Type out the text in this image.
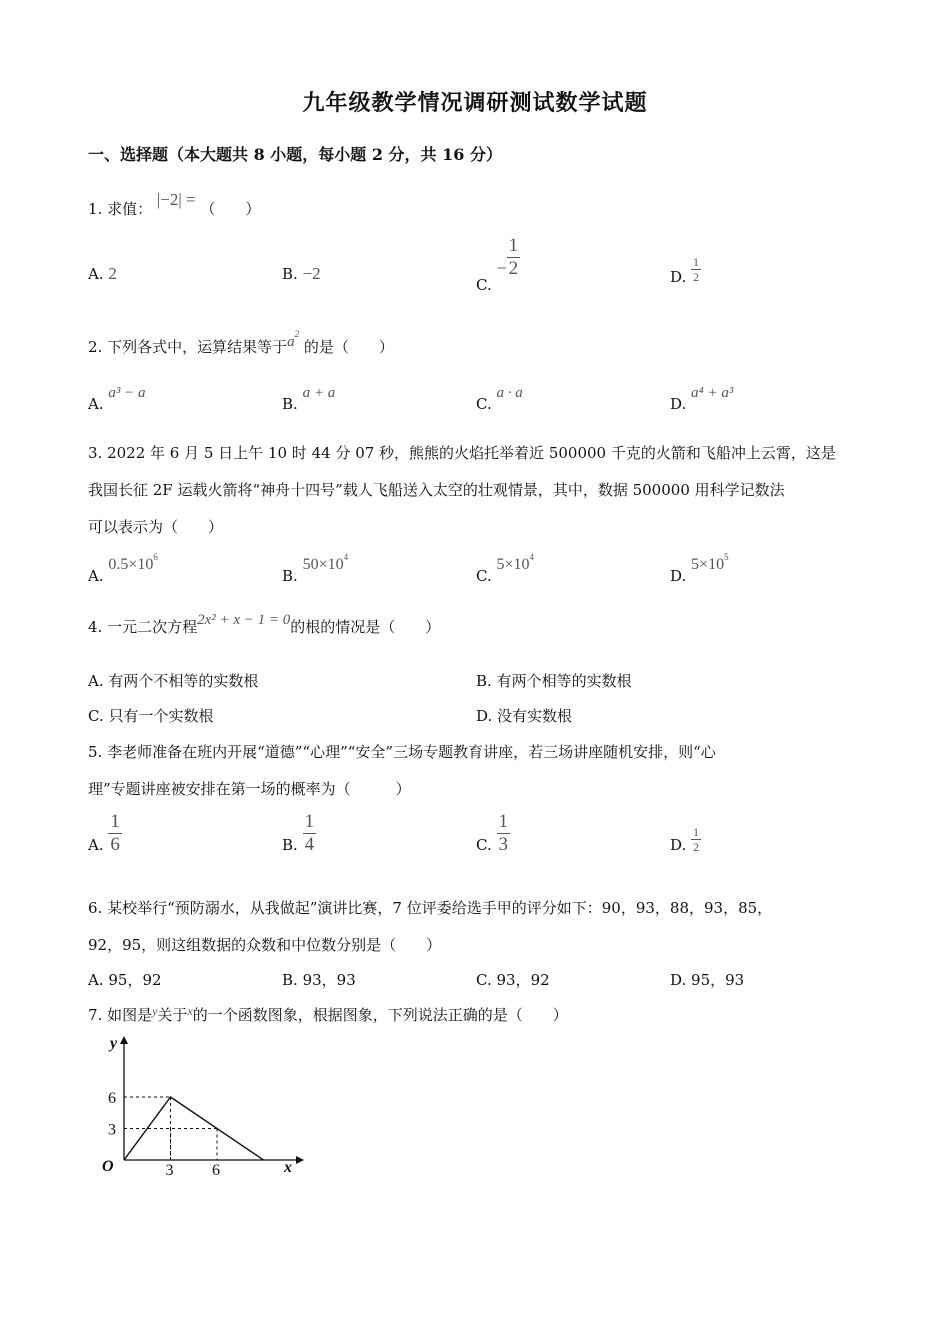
九年级教学情况调研测试数学试题
一、选择题（本大题共 8 小题，每小题 2 分，共 16 分）
1. 求值： |−2| = （　　）
A. 2	B. −2
C. − $\frac{1}{2}$	D. $\frac{1}{2}$
2. 下列各式中，运算结果等于$a^2$ 的是（　　）
A. a³ − a
B. a + a
C. a · a
D. a⁴ + a³
3. 2022 年 6 月 5 日上午 10 时 44 分 07 秒，熊熊的火焰托举着近 500000 千克的火箭和飞船冲上云霄，这是
我国长征 2F 运载火箭将“神舟十四号”载人飞船送入太空的壮观情景，其中，数据 500000 用科学记数法
可以表示为（　　）
A. $0.5\times 10^6$
B. $50\times 10^4$
C. $5\times 10^4$
D. $5\times 10^5$
4. 一元二次方程2x² + x − 1 = 0的根的情况是（　　）
A. 有两个不相等的实数根	B. 有两个相等的实数根
C. 只有一个实数根	D. 没有实数根
5. 李老师准备在班内开展“道德”“心理”“安全”三场专题教育讲座，若三场讲座随机安排，则“心
理”专题讲座被安排在第一场的概率为（　　　）
A. $\frac{1}{6}$	B. $\frac{1}{4}$	C. $\frac{1}{3}$	D. $\frac{1}{2}$
6. 某校举行“预防溺水，从我做起”演讲比赛，7 位评委给选手甲的评分如下：90，93，88，93，85，
92，95，则这组数据的众数和中位数分别是（　　）
A. 95，92	B. 93，93	C. 93，92	D. 95，93
7. 如图是$^y$关于$^x$的一个函数图象，根据图象，下列说法正确的是（　　）
y
x
O
3
6
3 6
